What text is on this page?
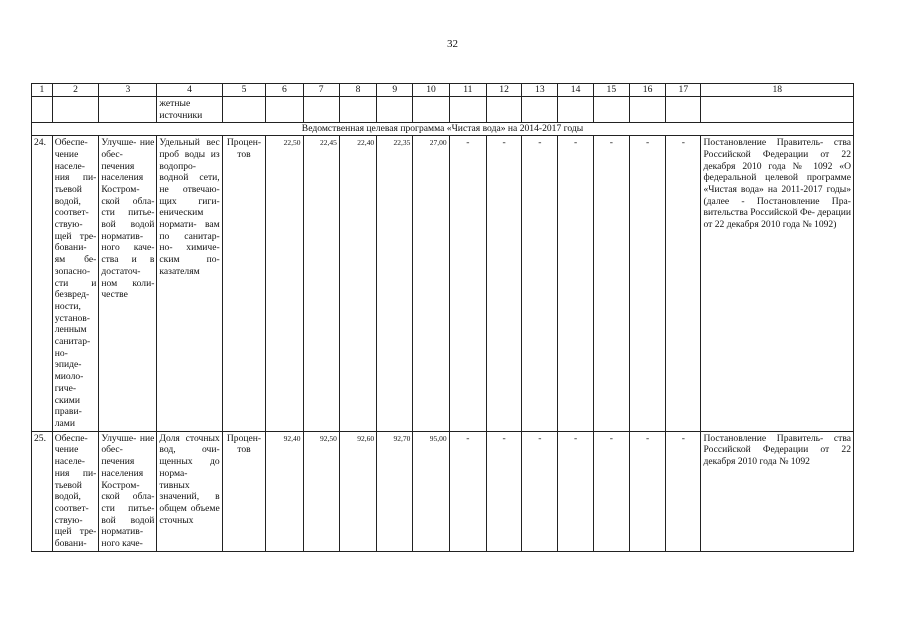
32
1	2	3	4	5	6	7	8	9	10	11	12	13	14	15	16	17	18
			жетные источники														
Ведомственная целевая программа «Чистая вода» на 2014-2017 годы																	
24.	Обеспе- чение населе- ния пи- тьевой водой, соответ- ствую- щей тре- бовани- ям бе- зопасно- сти и безвред- ности, установ- ленным санитар- но- эпиде- миоло- гиче- скими прави- лами	Улучше- ние обес- печения населения Костром- ской обла- сти питье- вой водой норматив- ного каче- ства и в достаточ- ном коли- честве	Удельный вес проб воды из водопро- водной сети, не отвечаю- щих гиги- еническим нормати- вам по санитар- но- химиче- ским по- казателям	Процен- тов	22,50	22,45	22,40	22,35	27,00	-	-	-	-	-	-	-	Постановление Правитель- ства Российской Федерации от 22 декабря 2010 года № 1092 «О федеральной целевой программе «Чистая вода» на 2011-2017 годы» (далее - Постановление Пра- вительства Российской Фе- дерации от 22 декабря 2010 года № 1092)
25.	Обеспе- чение населе- ния пи- тьевой водой, соответ- ствую- щей тре- бовани-	Улучше- ние обес- печения населения Костром- ской обла- сти питье- вой водой норматив- ного каче-	Доля сточных вод, очи- щенных до норма- тивных значений, в общем объеме сточных	Процен- тов	92,40	92,50	92,60	92,70	95,00	-	-	-	-	-	-	-	Постановление Правитель- ства Российской Федерации от 22 декабря 2010 года № 1092
